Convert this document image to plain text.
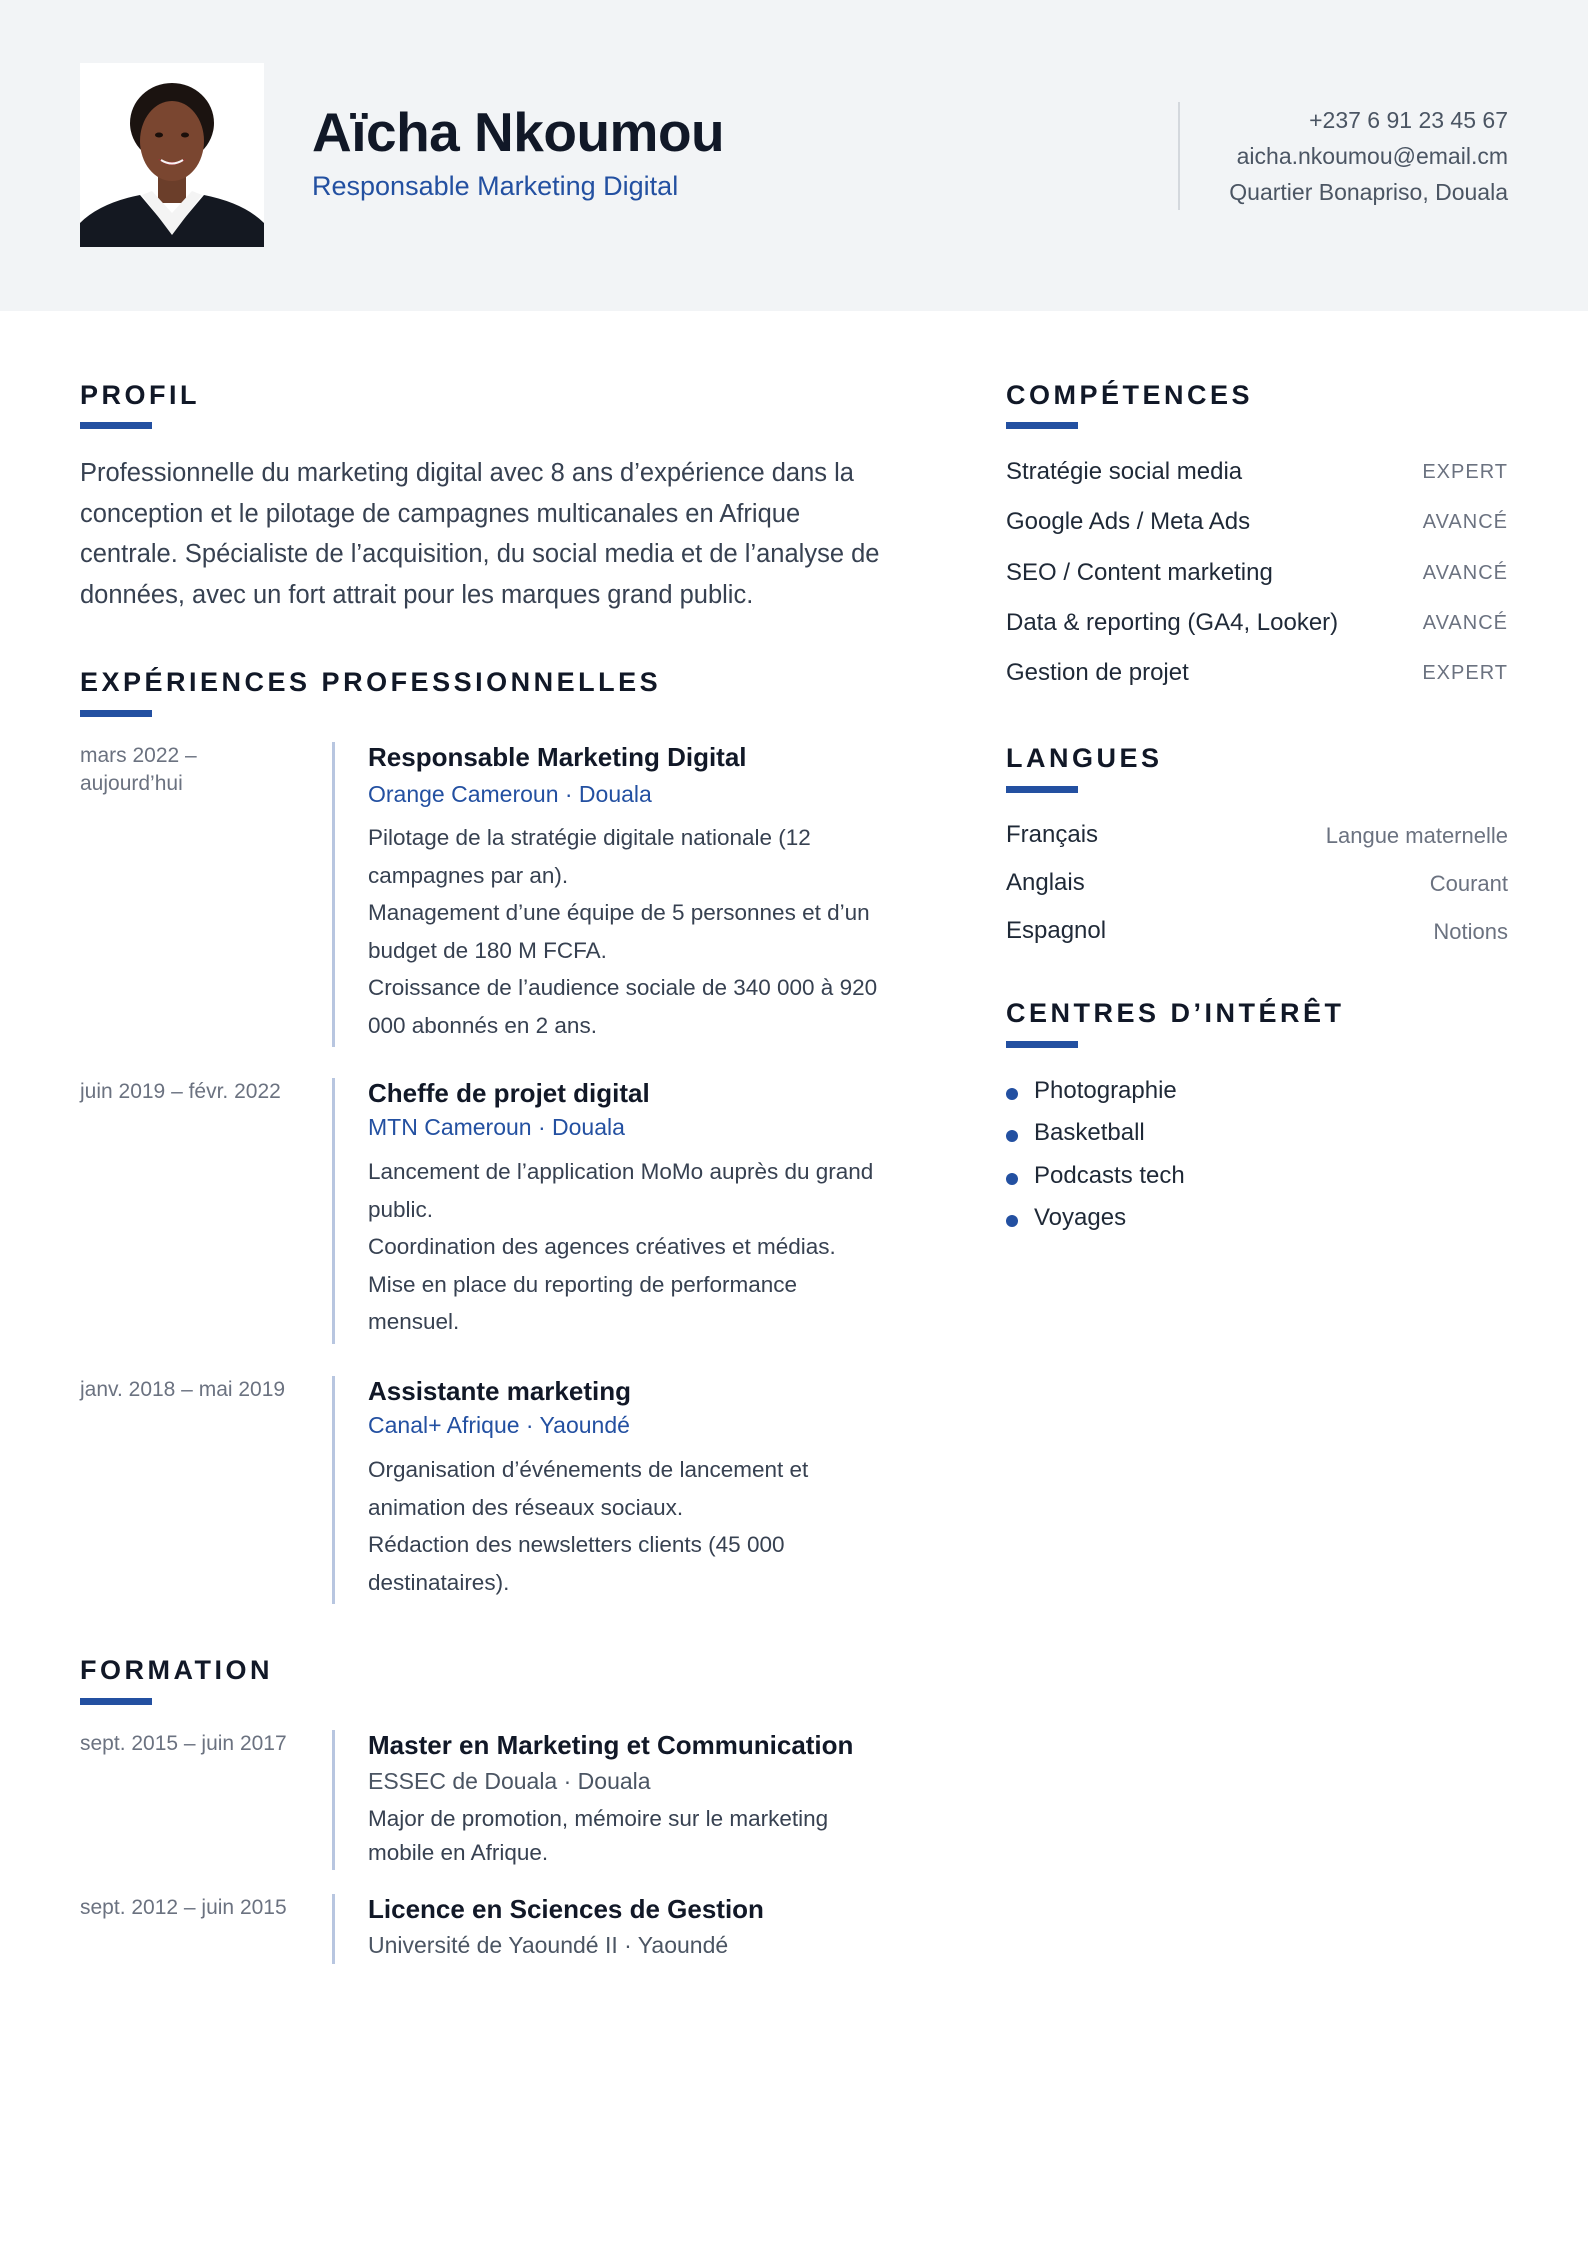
Aïcha Nkoumou
Responsable Marketing Digital
+237 6 91 23 45 67
aicha.nkoumou@email.cm
Quartier Bonapriso, Douala
PROFIL
Professionnelle du marketing digital avec 8 ans d’expérience dans la
conception et le pilotage de campagnes multicanales en Afrique
centrale. Spécialiste de l’acquisition, du social media et de l’analyse de
données, avec un fort attrait pour les marques grand public.
EXPÉRIENCES PROFESSIONNELLES
mars 2022 –
aujourd’hui
Responsable Marketing Digital
Orange Cameroun · Douala
Pilotage de la stratégie digitale nationale (12
campagnes par an).
Management d’une équipe de 5 personnes et d’un
budget de 180 M FCFA.
Croissance de l’audience sociale de 340 000 à 920
000 abonnés en 2 ans.
juin 2019 – févr. 2022	Cheffe de projet digital
MTN Cameroun · Douala
Lancement de l’application MoMo auprès du grand
public.
Coordination des agences créatives et médias.
Mise en place du reporting de performance
mensuel.
janv. 2018 – mai 2019	Assistante marketing
Canal+ Afrique · Yaoundé
Organisation d’événements de lancement et
animation des réseaux sociaux.
Rédaction des newsletters clients (45 000
destinataires).
FORMATION
sept. 2015 – juin 2017	Master en Marketing et Communication
ESSEC de Douala · Douala
Major de promotion, mémoire sur le marketing
mobile en Afrique.
sept. 2012 – juin 2015	Licence en Sciences de Gestion
Université de Yaoundé II · Yaoundé
COMPÉTENCES
Stratégie social media	EXPERT
Google Ads / Meta Ads	AVANCÉ
SEO / Content marketing	AVANCÉ
Data & reporting (GA4, Looker)	AVANCÉ
Gestion de projet	EXPERT
LANGUES
Français	Langue maternelle
Anglais	Courant
Espagnol	Notions
CENTRES D’INTÉRÊT
Photographie
Basketball
Podcasts tech
Voyages
